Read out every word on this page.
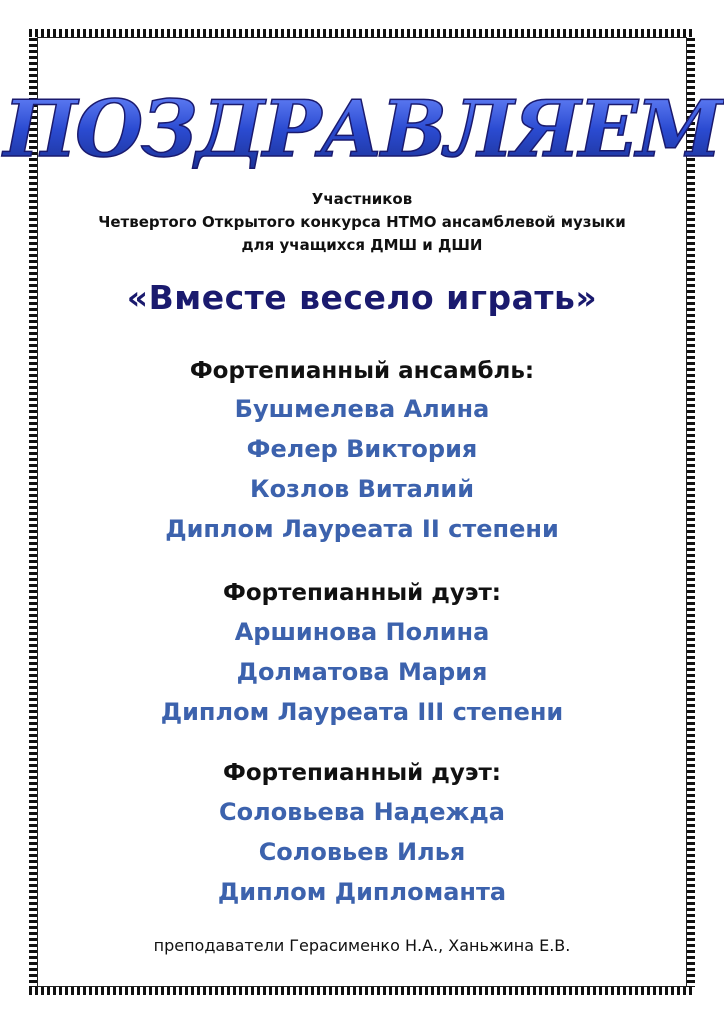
ПОЗДРАВЛЯЕМ
Участников
Четвертого Открытого конкурса НТМО ансамблевой музыки
для учащихся ДМШ и ДШИ
«Вместе весело играть»
Фортепианный ансамбль:
Бушмелева Алина
Фелер Виктория
Козлов Виталий
Диплом Лауреата II степени
Фортепианный дуэт:
Аршинова Полина
Долматова Мария
Диплом Лауреата III степени
Фортепианный дуэт:
Соловьева Надежда
Соловьев Илья
Диплом Дипломанта
преподаватели Герасименко Н.А., Ханьжина Е.В.
